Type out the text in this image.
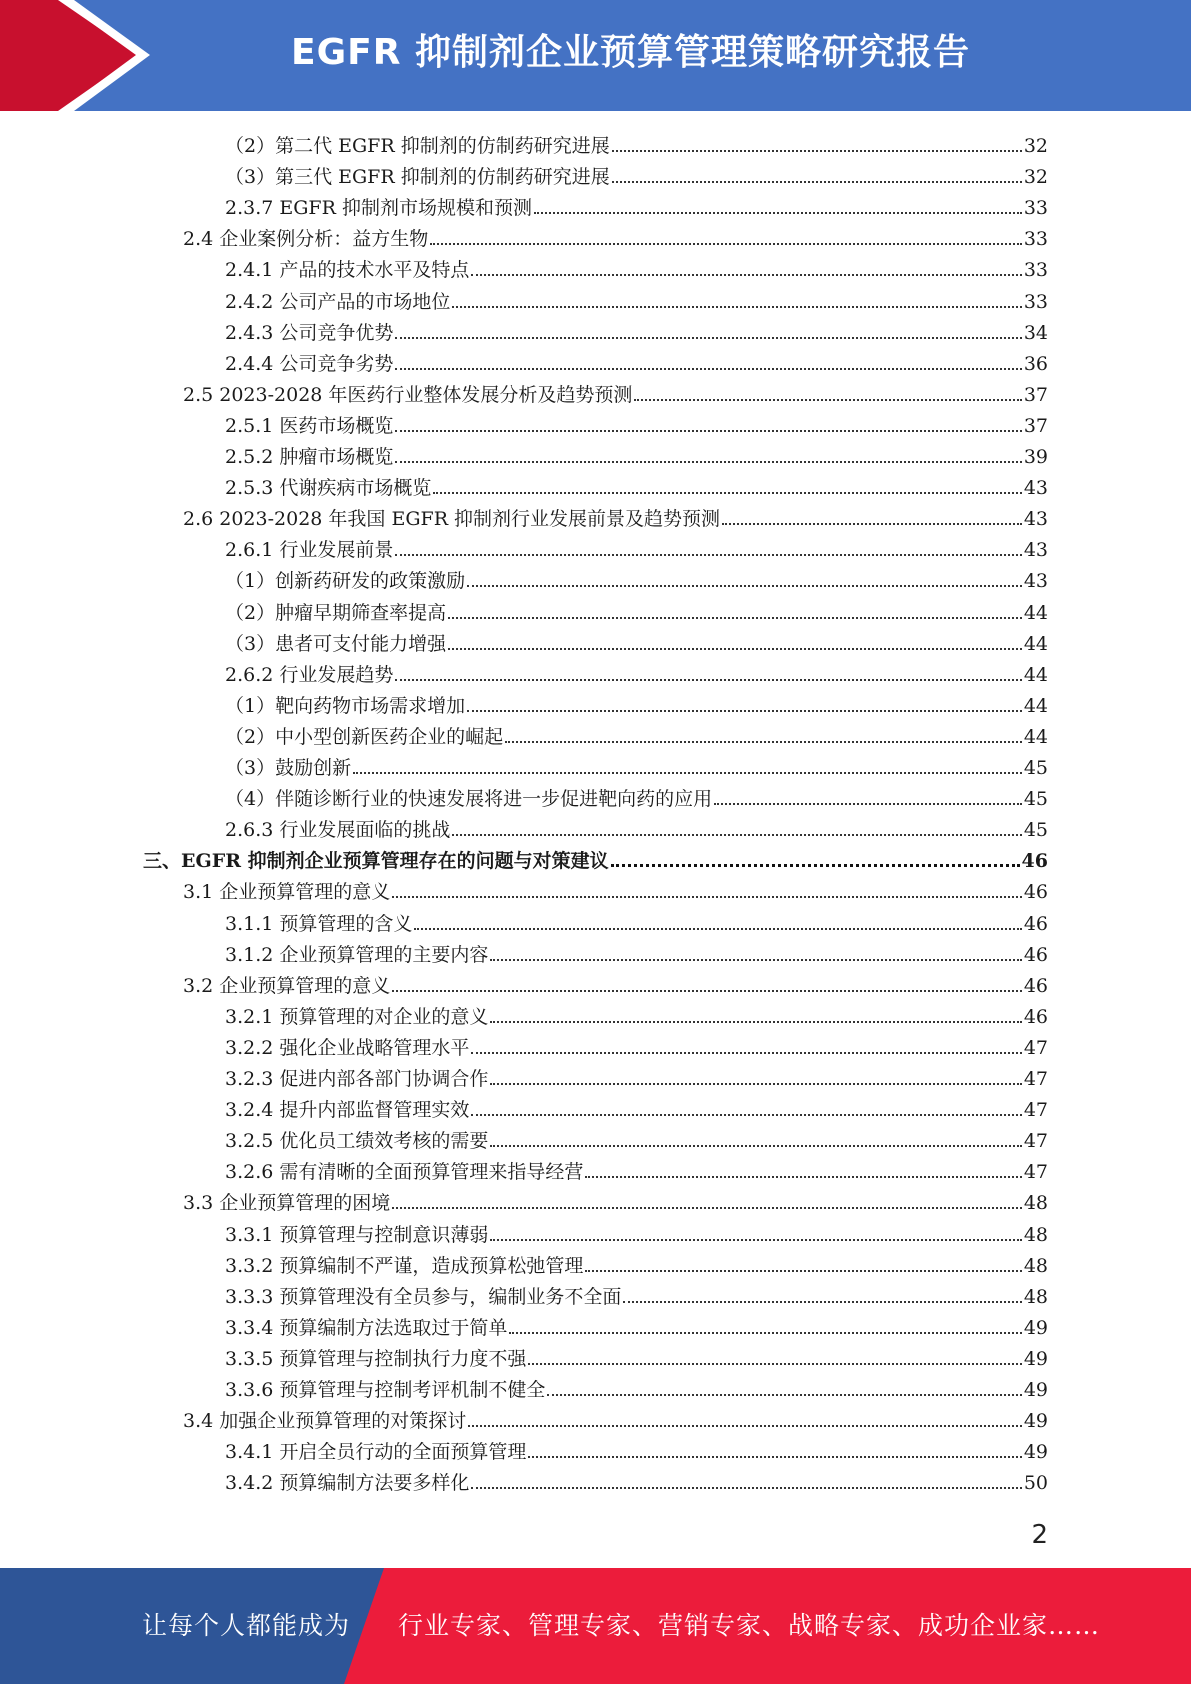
EGFR 抑制剂企业预算管理策略研究报告
（2）第二代 EGFR 抑制剂的仿制药研究进展	32
（3）第三代 EGFR 抑制剂的仿制药研究进展	32
2.3.7 EGFR 抑制剂市场规模和预测	33
2.4 企业案例分析：益方生物	33
2.4.1 产品的技术水平及特点	33
2.4.2 公司产品的市场地位	33
2.4.3 公司竞争优势	34
2.4.4 公司竞争劣势	36
2.5 2023-2028 年医药行业整体发展分析及趋势预测	37
2.5.1 医药市场概览	37
2.5.2 肿瘤市场概览	39
2.5.3 代谢疾病市场概览	43
2.6 2023-2028 年我国 EGFR 抑制剂行业发展前景及趋势预测	43
2.6.1 行业发展前景	43
（1）创新药研发的政策激励	43
（2）肿瘤早期筛查率提高	44
（3）患者可支付能力增强	44
2.6.2 行业发展趋势	44
（1）靶向药物市场需求增加	44
（2）中小型创新医药企业的崛起	44
（3）鼓励创新	45
（4）伴随诊断行业的快速发展将进一步促进靶向药的应用	45
2.6.3 行业发展面临的挑战	45
三、EGFR 抑制剂企业预算管理存在的问题与对策建议	46
3.1 企业预算管理的意义	46
3.1.1 预算管理的含义	46
3.1.2 企业预算管理的主要内容	46
3.2 企业预算管理的意义	46
3.2.1 预算管理的对企业的意义	46
3.2.2 强化企业战略管理水平	47
3.2.3 促进内部各部门协调合作	47
3.2.4 提升内部监督管理实效	47
3.2.5 优化员工绩效考核的需要	47
3.2.6 需有清晰的全面预算管理来指导经营	47
3.3 企业预算管理的困境	48
3.3.1 预算管理与控制意识薄弱	48
3.3.2 预算编制不严谨，造成预算松弛管理	48
3.3.3 预算管理没有全员参与，编制业务不全面	48
3.3.4 预算编制方法选取过于简单	49
3.3.5 预算管理与控制执行力度不强	49
3.3.6 预算管理与控制考评机制不健全	49
3.4 加强企业预算管理的对策探讨	49
3.4.1 开启全员行动的全面预算管理	49
3.4.2 预算编制方法要多样化	50
2
让每个人都能成为 行业专家、管理专家、营销专家、战略专家、成功企业家……
